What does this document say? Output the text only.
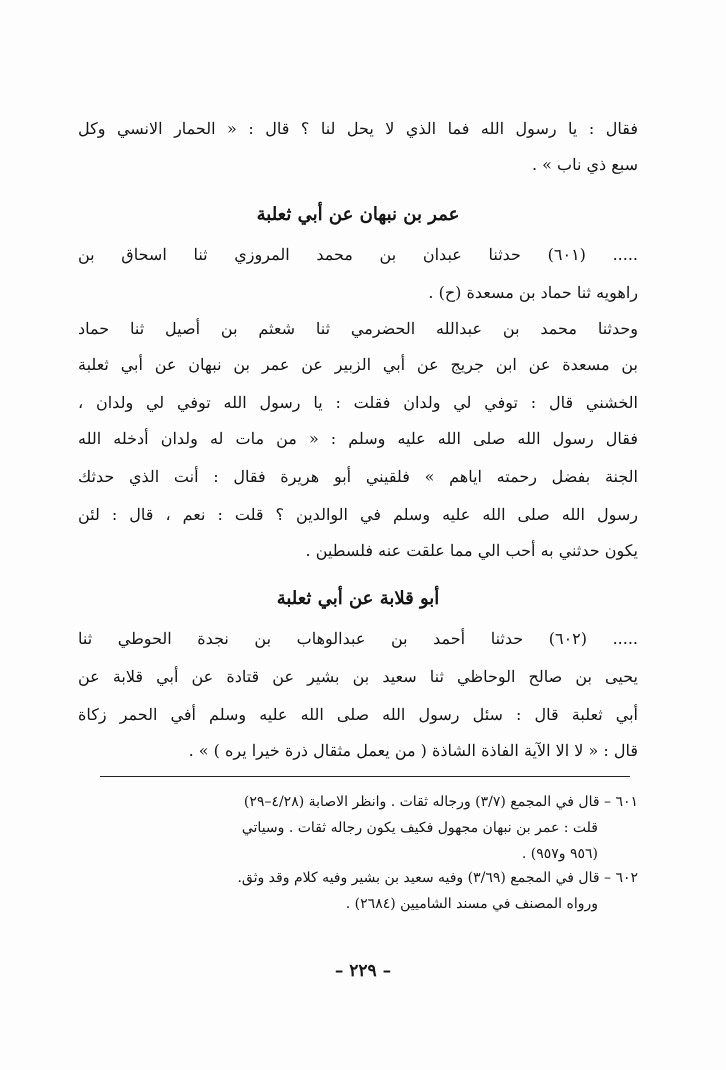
فقال : يا رسول الله فما الذي لا يحل لنا ؟ قال : « الحمار الانسي وكل
سبع ذي ناب » .
عمر بن نبهان عن أبي ثعلبة
..... (٦٠١) حدثنا عبدان بن محمد المروزي ثنا اسحاق بن
راهويه ثنا حماد بن مسعدة (ح) .
وحدثنا محمد بن عبدالله الحضرمي ثنا شعثم بن أصيل ثنا حماد
بن مسعدة عن ابن جريج عن أبي الزبير عن عمر بن نبهان عن أبي ثعلبة
الخشني قال : توفي لي ولدان فقلت : يا رسول الله توفي لي ولدان ،
فقال رسول الله صلى الله عليه وسلم : « من مات له ولدان أدخله الله
الجنة بفضل رحمته اياهم » فلقيني أبو هريرة فقال : أنت الذي حدثك
رسول الله صلى الله عليه وسلم في الوالدين ؟ قلت : نعم ، قال : لئن
يكون حدثني به أحب الي مما علقت عنه فلسطين .
أبو قلابة عن أبي ثعلبة
..... (٦٠٢) حدثنا أحمد بن عبدالوهاب بن نجدة الحوطي ثنا
يحيى بن صالح الوحاظي ثنا سعيد بن بشير عن قتادة عن أبي قلابة عن
أبي ثعلبة قال : سئل رسول الله صلى الله عليه وسلم أفي الحمر زكاة
قال : « لا الا الآية الفاذة الشاذة ( من يعمل مثقال ذرة خيرا يره ) » .
٦٠١ – قال في المجمع (٣/٧) ورجاله ثقات . وانظر الاصابة (٤/٢٨–٢٩)
قلت : عمر بن نبهان مجهول فكيف يكون رجاله ثقات . وسياتي
(٩٥٦ و٩٥٧) .
٦٠٢ – قال في المجمع (٣/٦٩) وفيه سعيد بن بشير وفيه كلام وقد وثق.
ورواه المصنف في مسند الشاميين (٢٦٨٤) .
– ٢٢٩ –
